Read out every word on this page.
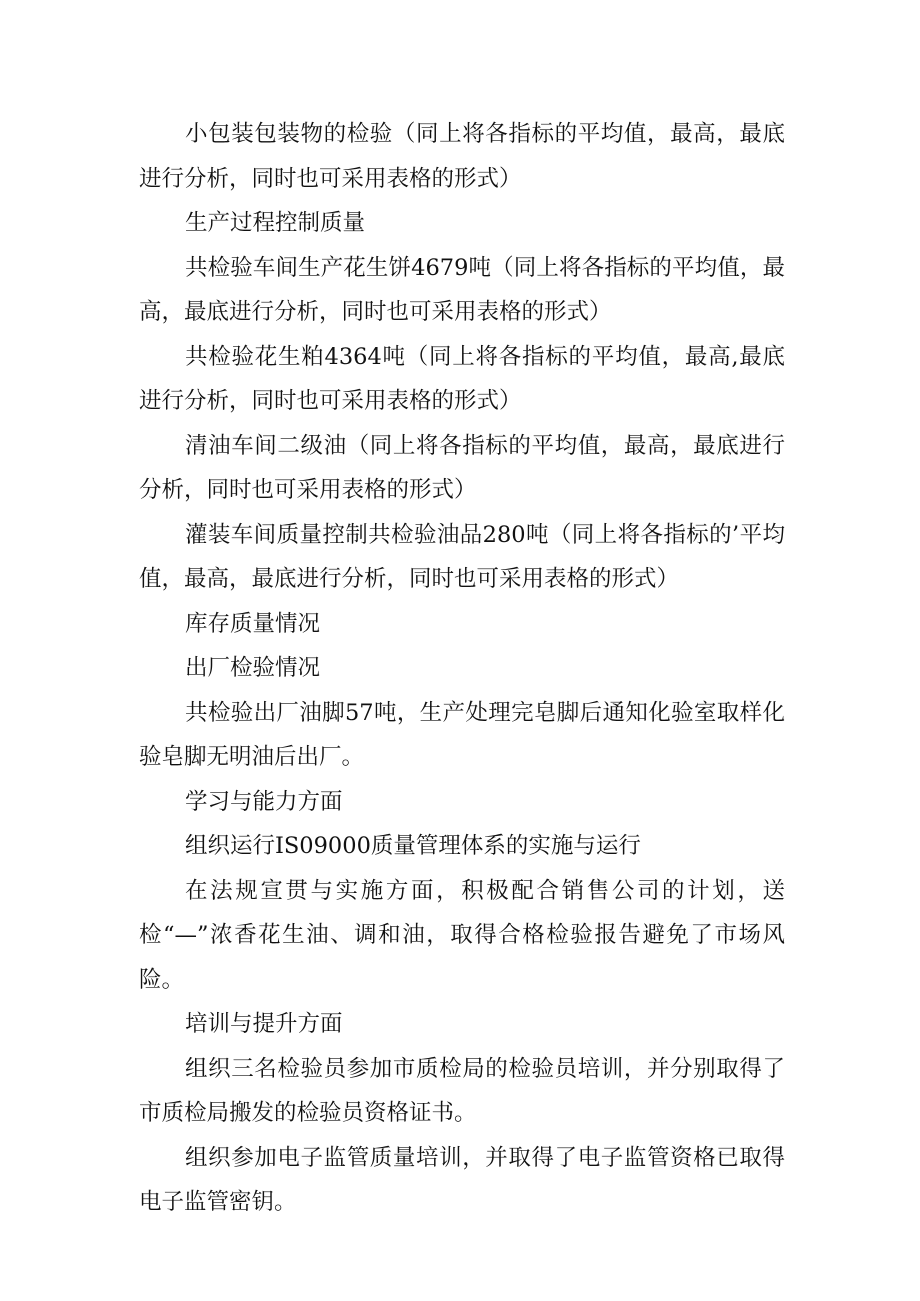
小包装包装物的检验（同上将各指标的平均值，最高，最底进行分析，同时也可采用表格的形式）

生产过程控制质量

共检验车间生产花生饼4679吨（同上将各指标的平均值，最高，最底进行分析，同时也可采用表格的形式）

共检验花生粕4364吨（同上将各指标的平均值，最高,最底进行分析，同时也可采用表格的形式）

清油车间二级油（同上将各指标的平均值，最高，最底进行分析，同时也可采用表格的形式）

灌装车间质量控制共检验油品280吨（同上将各指标的’平均值，最高，最底进行分析，同时也可采用表格的形式）

库存质量情况

出厂检验情况

共检验出厂油脚57吨，生产处理完皂脚后通知化验室取样化验皂脚无明油后出厂。

学习与能力方面

组织运行IS09000质量管理体系的实施与运行

在法规宣贯与实施方面，积极配合销售公司的计划，送检“—”浓香花生油、调和油，取得合格检验报告避免了市场风险。

培训与提升方面

组织三名检验员参加市质检局的检验员培训，并分别取得了市质检局搬发的检验员资格证书。

组织参加电子监管质量培训，并取得了电子监管资格已取得电子监管密钥。
